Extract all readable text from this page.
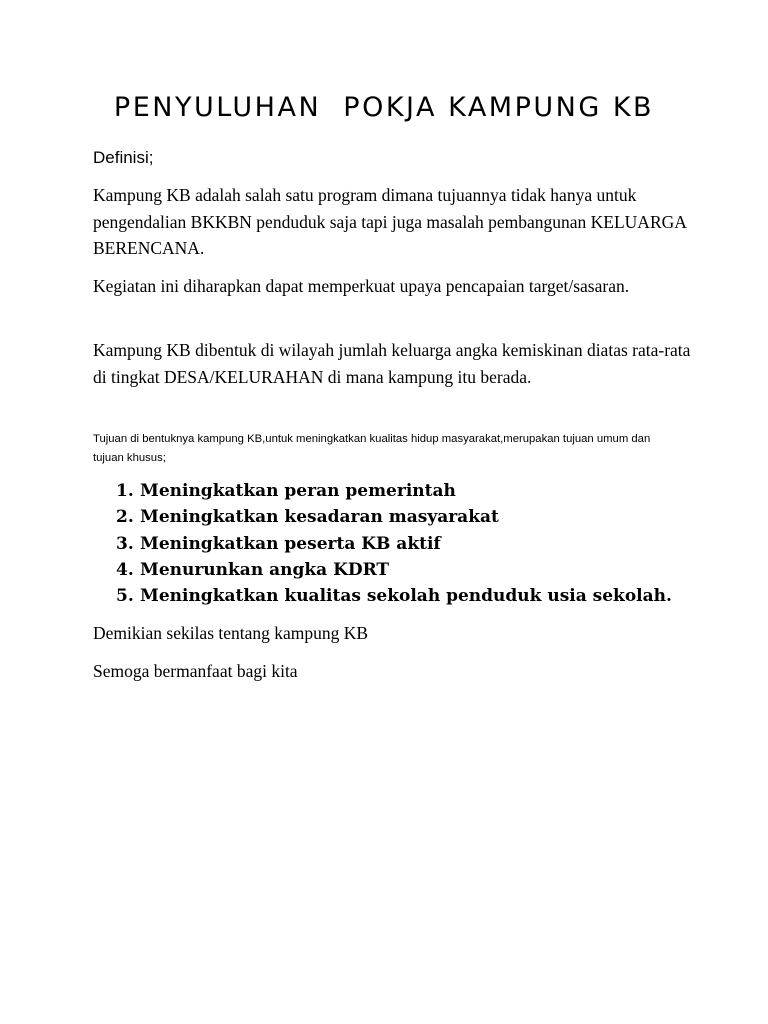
PENYULUHAN  POKJA KAMPUNG KB

Definisi;

Kampung KB adalah salah satu program dimana tujuannya tidak hanya untuk pengendalian BKKBN penduduk saja tapi juga masalah pembangunan KELUARGA BERENCANA.

Kegiatan ini diharapkan dapat memperkuat upaya pencapaian target/sasaran.

Kampung KB dibentuk di wilayah jumlah keluarga angka kemiskinan diatas rata-rata di tingkat DESA/KELURAHAN di mana kampung itu berada.

Tujuan di bentuknya kampung KB,untuk meningkatkan kualitas hidup masyarakat,merupakan tujuan umum dan tujuan khusus;

1. Meningkatkan peran pemerintah
2. Meningkatkan kesadaran masyarakat
3. Meningkatkan peserta KB aktif
4. Menurunkan angka KDRT
5. Meningkatkan kualitas sekolah penduduk usia sekolah.

Demikian sekilas tentang kampung KB

Semoga bermanfaat bagi kita
